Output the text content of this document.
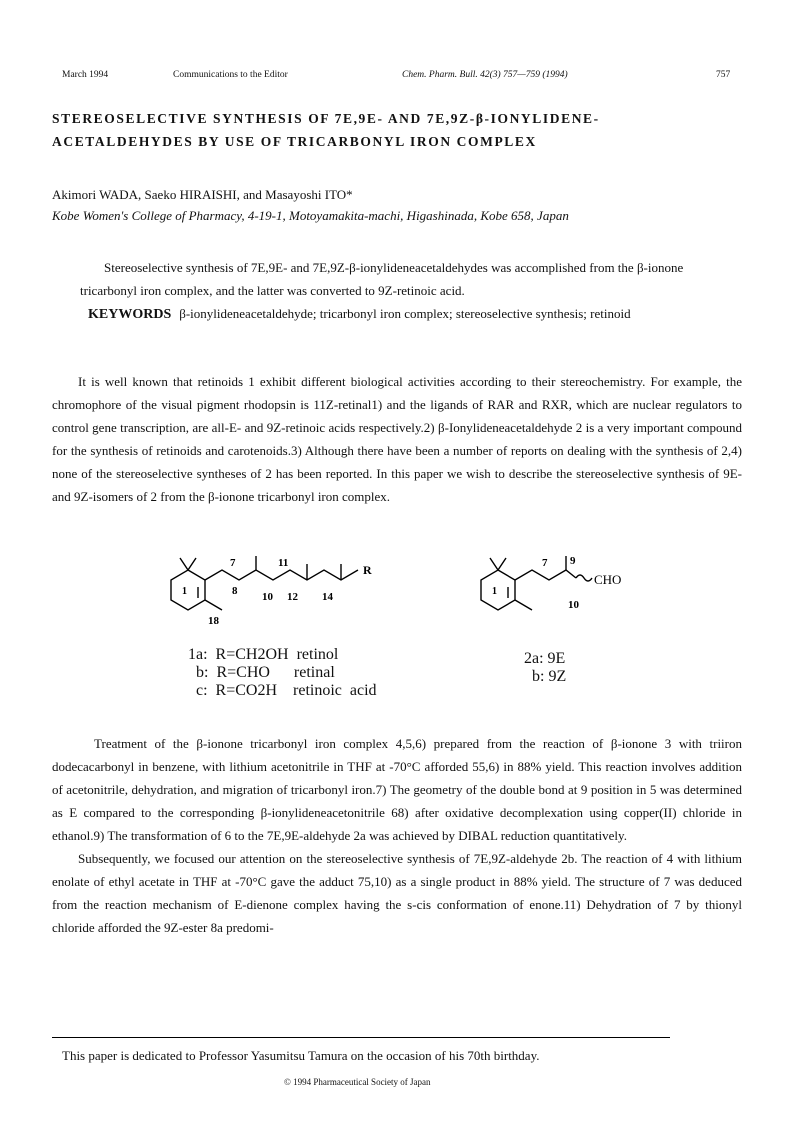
March 1994	Communications to the Editor	Chem. Pharm. Bull. 42(3) 757—759 (1994)	757
STEREOSELECTIVE SYNTHESIS OF 7E,9E- AND 7E,9Z-β-IONYLIDENE-
ACETALDEHYDES BY USE OF TRICARBONYL IRON COMPLEX
Akimori WADA, Saeko HIRAISHI, and Masayoshi ITO*
Kobe Women's College of Pharmacy, 4-19-1, Motoyamakita-machi, Higashinada, Kobe 658, Japan
Stereoselective synthesis of 7E,9E- and 7E,9Z-β-ionylideneacetaldehydes was accomplished from the β-ionone tricarbonyl iron complex, and the latter was converted to 9Z-retinoic acid.
KEYWORDS β-ionylideneacetaldehyde; tricarbonyl iron complex; stereoselective synthesis; retinoid

It is well known that retinoids 1 exhibit different biological activities according to their stereochemistry. For example, the chromophore of the visual pigment rhodopsin is 11Z-retinal1) and the ligands of RAR and RXR, which are nuclear regulators to control gene transcription, are all-E- and 9Z-retinoic acids respectively.2) β-Ionylideneacetaldehyde 2 is a very important compound for the synthesis of retinoids and carotenoids.3) Although there have been a number of reports on dealing with the synthesis of 2,4) none of the stereoselective syntheses of 2 has been reported. In this paper we wish to describe the stereoselective synthesis of 9E- and 9Z-isomers of 2 from the β-ionone tricarbonyl iron complex.

7	11	R
8 10 12 14
18
1
7 9
CHO
10
1
1a:  R=CH2OH  retinol
b:  R=CHO      retinal
c:  R=CO2H    retinoic  acid
2a: 9E
b: 9Z

Treatment of the β-ionone tricarbonyl iron complex 4,5,6) prepared from the reaction of β-ionone 3 with triiron dodecacarbonyl in benzene, with lithium acetonitrile in THF at -70°C afforded 55,6) in 88% yield. This reaction involves addition of acetonitrile, dehydration, and migration of tricarbonyl iron.7) The geometry of the double bond at 9 position in 5 was determined as E compared to the corresponding β-ionylideneacetonitrile 68) after oxidative decomplexation using copper(II) chloride in ethanol.9) The transformation of 6 to the 7E,9E-aldehyde 2a was achieved by DIBAL reduction quantitatively.

Subsequently, we focused our attention on the stereoselective synthesis of 7E,9Z-aldehyde 2b. The reaction of 4 with lithium enolate of ethyl acetate in THF at -70°C gave the adduct 75,10) as a single product in 88% yield. The structure of 7 was deduced from the reaction mechanism of E-dienone complex having the s-cis conformation of enone.11) Dehydration of 7 by thionyl chloride afforded the 9Z-ester 8a predomi-

This paper is dedicated to Professor Yasumitsu Tamura on the occasion of his 70th birthday.
© 1994 Pharmaceutical Society of Japan
